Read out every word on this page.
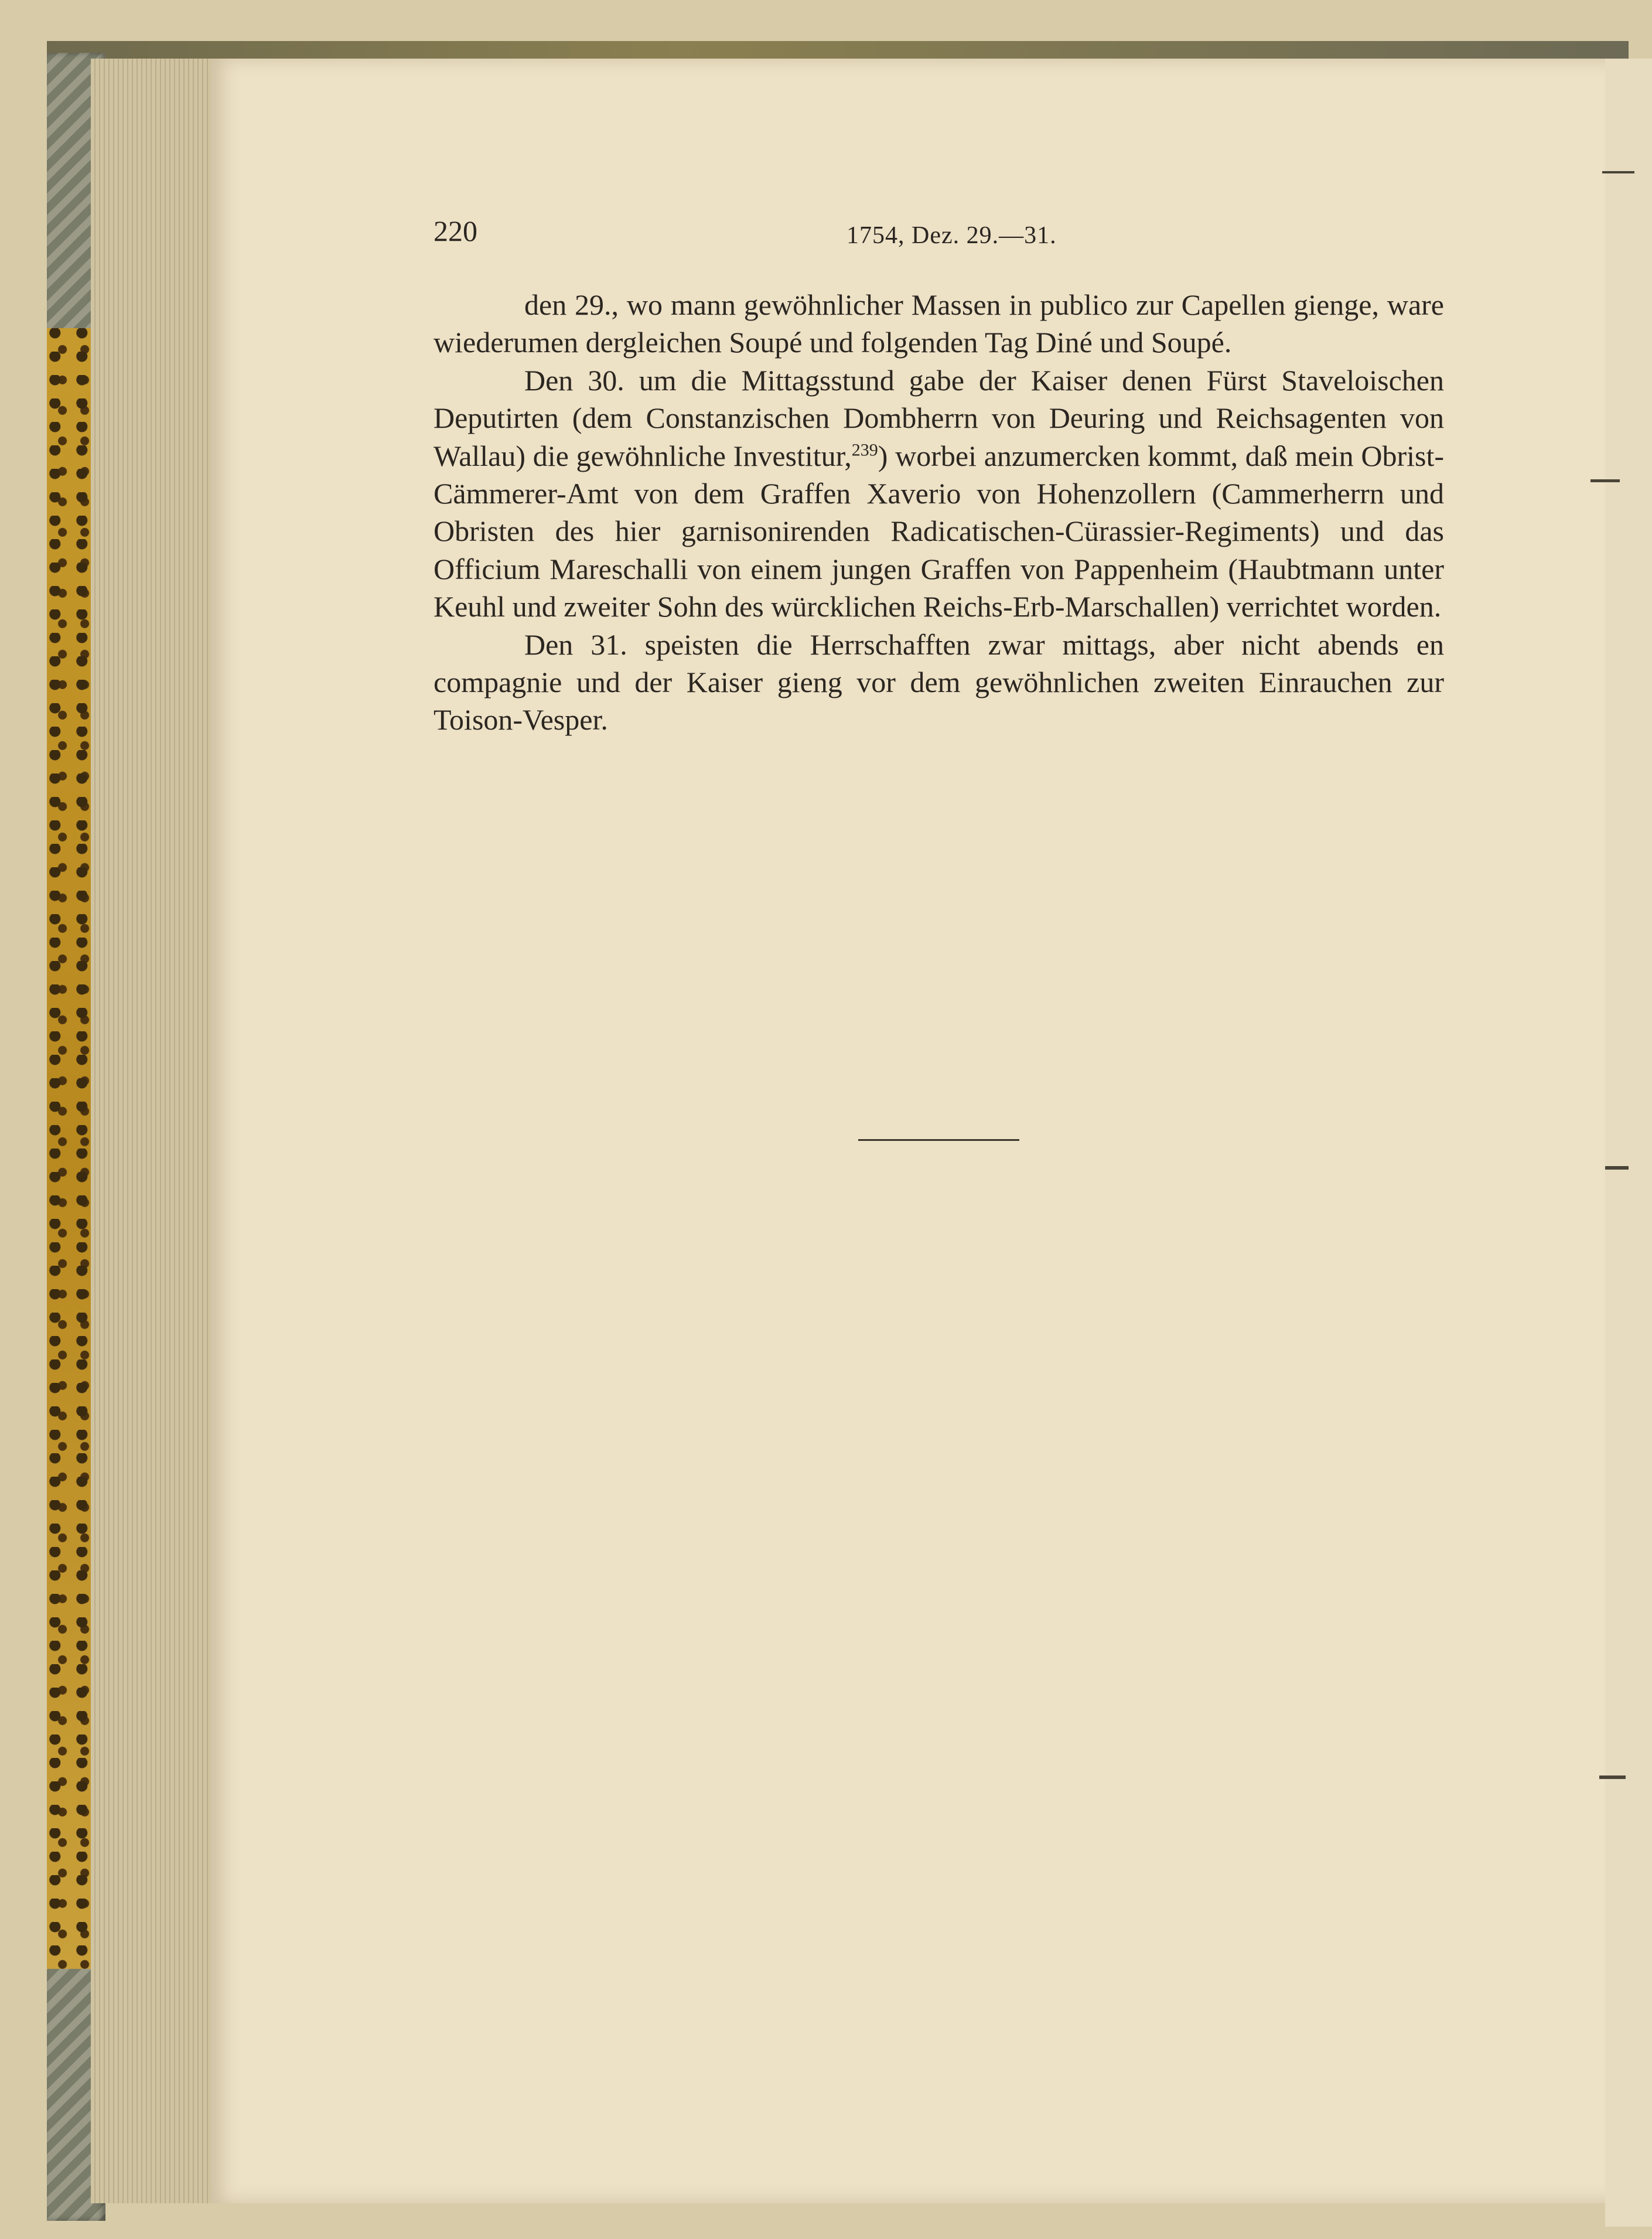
220	1754, Dez. 29.—31.

den 29., wo mann gewöhnlicher Massen in publico zur Capellen gienge, ware wiederumen dergleichen Soupé und folgenden Tag Diné und Soupé.

Den 30. um die Mittagsstund gabe der Kaiser denen Fürst Staveloischen Deputirten (dem Constanzischen Dombherrn von Deuring und Reichsagenten von Wallau) die gewöhnliche Investitur,$^{239}$) worbei anzumercken kommt, daß mein Obrist-Cämmerer-Amt von dem Graffen Xaverio von Hohenzollern (Cammerherrn und Obristen des hier garnisonirenden Radicatischen-Cürassier-Regiments) und das Officium Mareschalli von einem jungen Graffen von Pappenheim (Haubtmann unter Keuhl und zweiter Sohn des würcklichen Reichs-Erb-Marschallen) verrichtet worden.

Den 31. speisten die Herrschafften zwar mittags, aber nicht abends en compagnie und der Kaiser gieng vor dem gewöhnlichen zweiten Einrauchen zur Toison-Vesper.
